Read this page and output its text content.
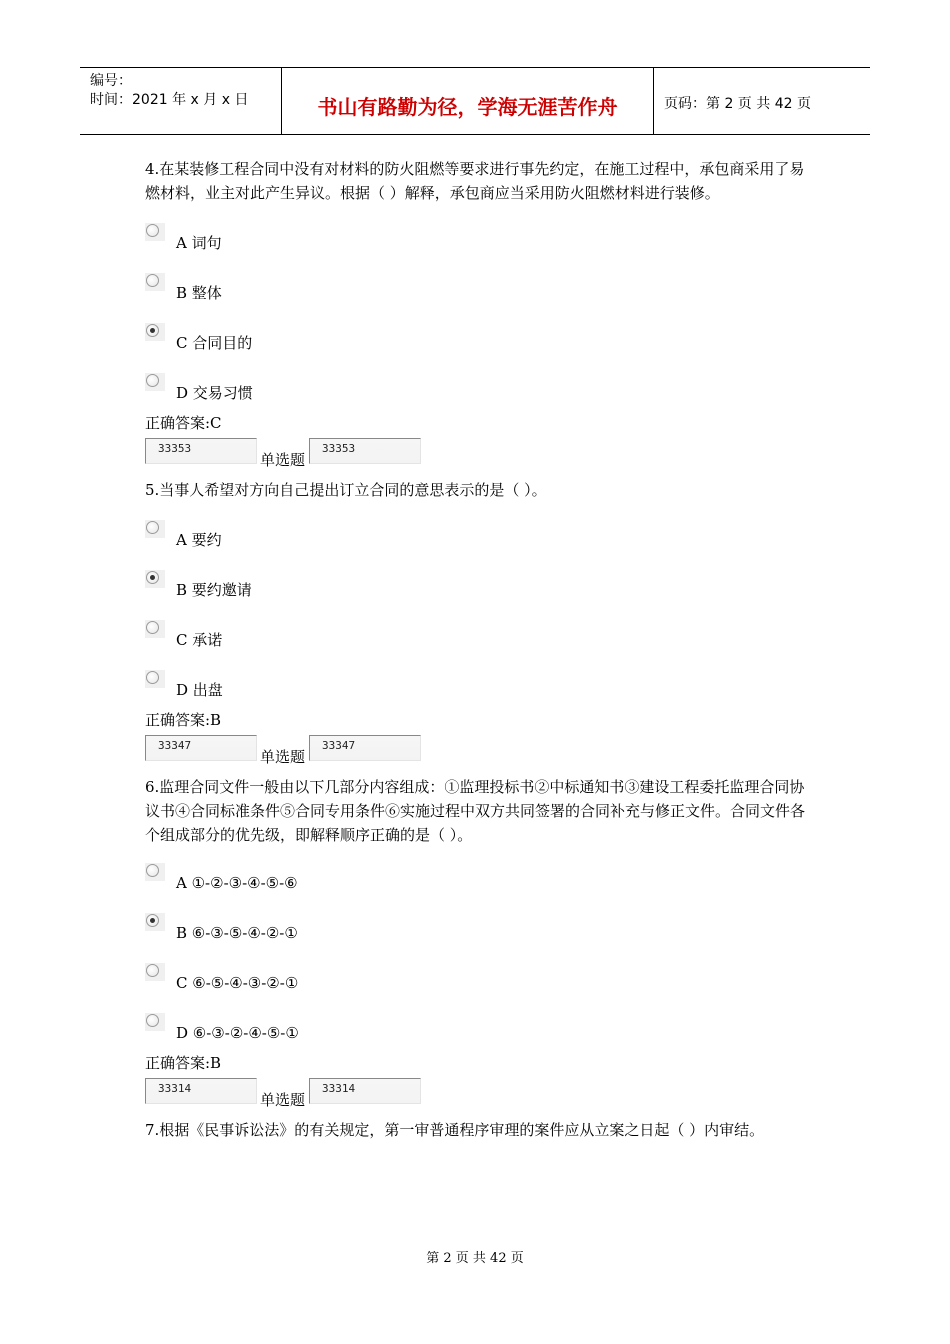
编号：
时间：2021 年 x 月 x 日	书山有路勤为径，学海无涯苦作舟	页码：第 2 页 共 42 页

4.在某装修工程合同中没有对材料的防火阻燃等要求进行事先约定，在施工过程中，承包商采用了易燃材料，业主对此产生异议。根据（ ）解释，承包商应当采用防火阻燃材料进行装修。

A 词句
B 整体
C 合同目的
D 交易习惯
正确答案:C
33353
单选题
33353

5.当事人希望对方向自己提出订立合同的意思表示的是（ ）。

A 要约
B 要约邀请
C 承诺
D 出盘
正确答案:B
33347
单选题
33347

6.监理合同文件一般由以下几部分内容组成：①监理投标书②中标通知书③建设工程委托监理合同协议书④合同标准条件⑤合同专用条件⑥实施过程中双方共同签署的合同补充与修正文件。合同文件各个组成部分的优先级，即解释顺序正确的是（ ）。

A ①-②-③-④-⑤-⑥
B ⑥-③-⑤-④-②-①
C ⑥-⑤-④-③-②-①
D ⑥-③-②-④-⑤-①
正确答案:B
33314
单选题
33314

7.根据《民事诉讼法》的有关规定，第一审普通程序审理的案件应从立案之日起（ ）内审结。

第 2 页 共 42 页
